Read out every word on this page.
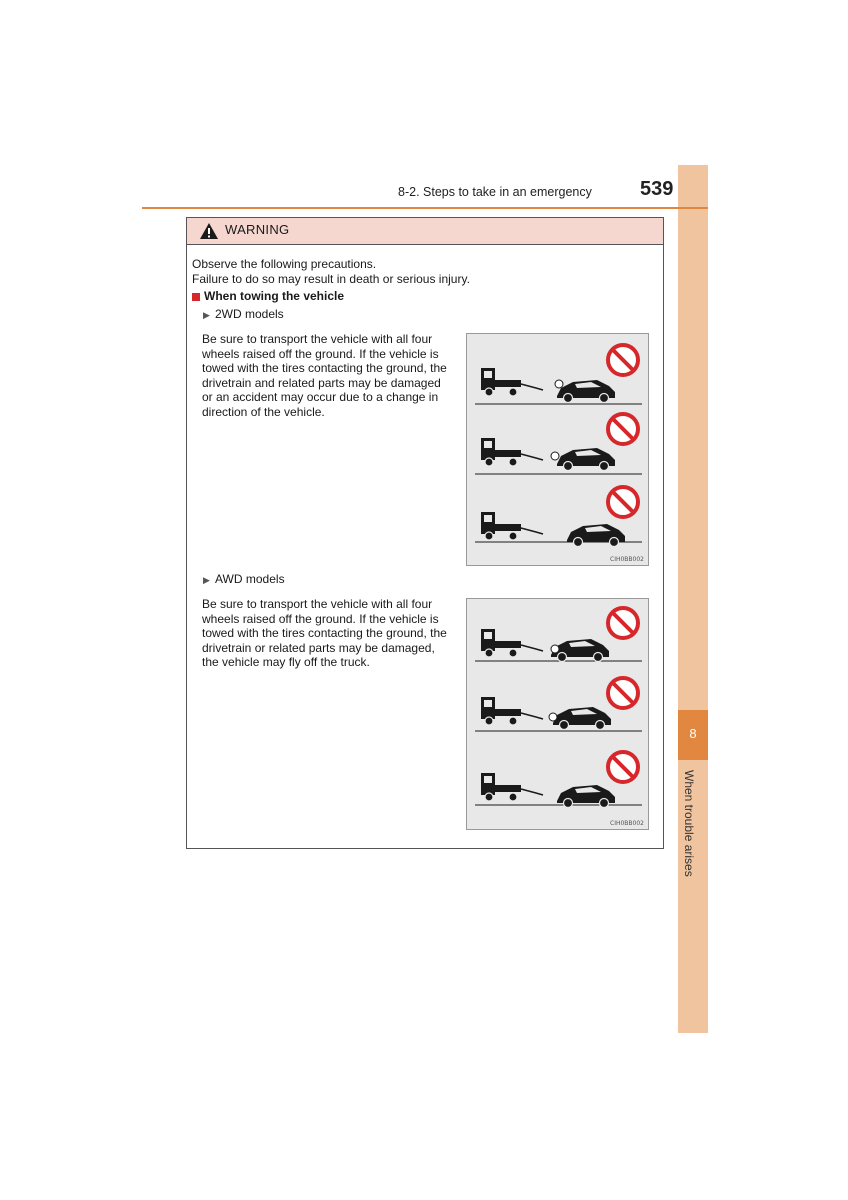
8
When trouble arises
8-2. Steps to take in an emergency 539
WARNING
Observe the following precautions.
Failure to do so may result in death or serious injury.
When towing the vehicle
▶ 2WD models
Be sure to transport the vehicle with all four
wheels raised off the ground. If the vehicle is
towed with the tires contacting the ground, the
drivetrain and related parts may be damaged
or an accident may occur due to a change in
direction of the vehicle.
CIH0BB002
▶ AWD models
Be sure to transport the vehicle with all four
wheels raised off the ground. If the vehicle is
towed with the tires contacting the ground, the
drivetrain or related parts may be damaged,
the vehicle may fly off the truck.
CIH0BB002
